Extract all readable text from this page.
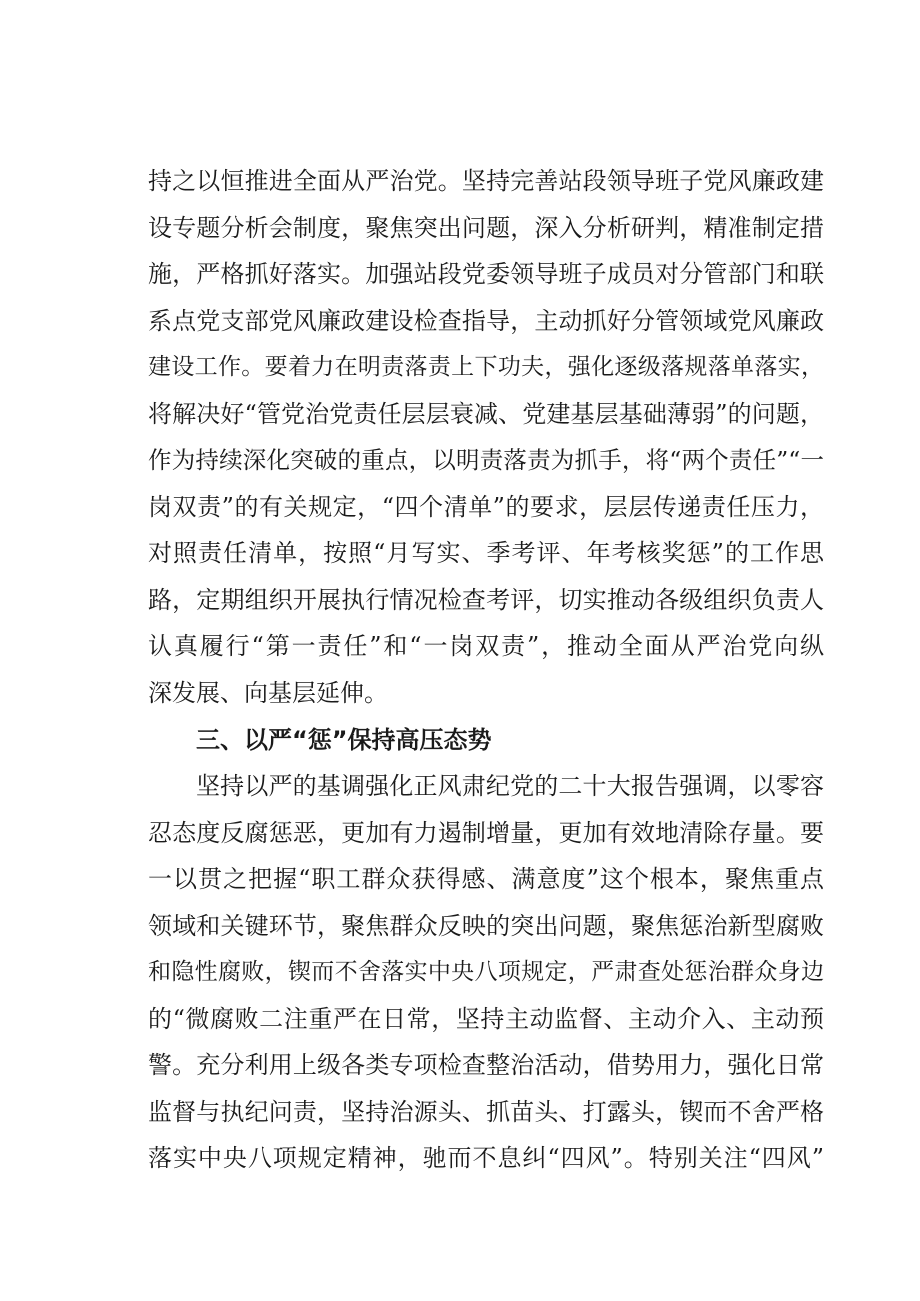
持之以恒推进全面从严治党。坚持完善站段领导班子党风廉政建
设专题分析会制度，聚焦突出问题，深入分析研判，精准制定措
施，严格抓好落实。加强站段党委领导班子成员对分管部门和联
系点党支部党风廉政建设检查指导，主动抓好分管领域党风廉政
建设工作。要着力在明责落责上下功夫，强化逐级落规落单落实，
将解决好“管党治党责任层层衰减、党建基层基础薄弱”的问题，
作为持续深化突破的重点，以明责落责为抓手，将“两个责任”“一
岗双责”的有关规定，“四个清单”的要求，层层传递责任压力，
对照责任清单，按照“月写实、季考评、年考核奖惩”的工作思
路，定期组织开展执行情况检查考评，切实推动各级组织负责人
认真履行“第一责任”和“一岗双责”，推动全面从严治党向纵
深发展、向基层延伸。
三、以严“惩”保持高压态势
坚持以严的基调强化正风肃纪党的二十大报告强调，以零容
忍态度反腐惩恶，更加有力遏制增量，更加有效地清除存量。要
一以贯之把握“职工群众获得感、满意度”这个根本，聚焦重点
领域和关键环节，聚焦群众反映的突出问题，聚焦惩治新型腐败
和隐性腐败，锲而不舍落实中央八项规定，严肃查处惩治群众身边
的“微腐败二注重严在日常，坚持主动监督、主动介入、主动预
警。充分利用上级各类专项检查整治活动，借势用力，强化日常
监督与执纪问责，坚持治源头、抓苗头、打露头，锲而不舍严格
落实中央八项规定精神，驰而不息纠“四风”。特别关注“四风”
